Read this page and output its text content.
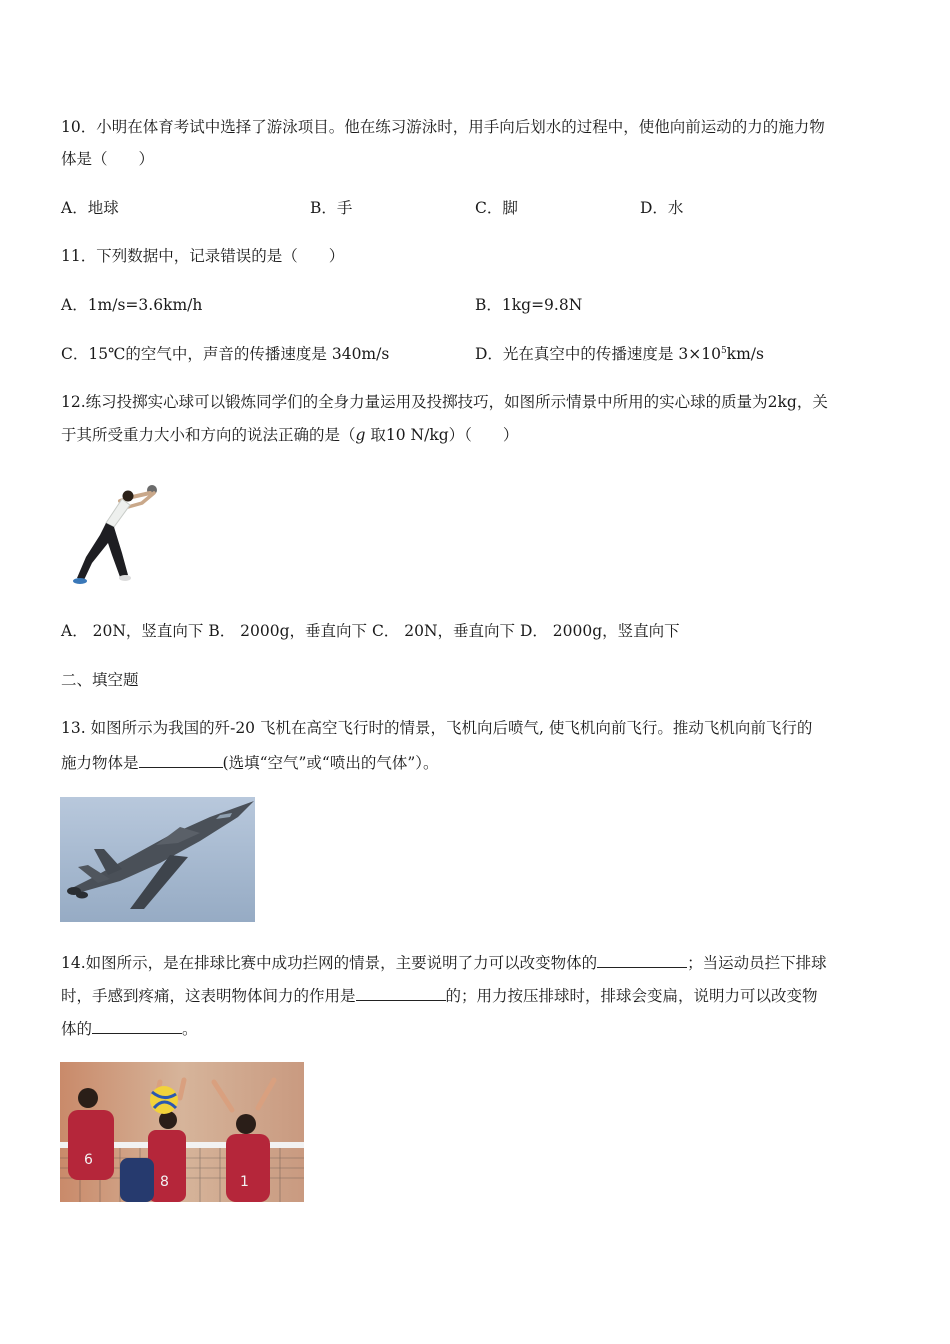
10．小明在体育考试中选择了游泳项目。他在练习游泳时，用手向后划水的过程中，使他向前运动的力的施力物
体是（　　）
A．地球	B．手	C．脚	D．水
11．下列数据中，记录错误的是（　　）
A．1m/s=3.6km/h	B．1kg=9.8N
C．15℃的空气中，声音的传播速度是 340m/s	D．光在真空中的传播速度是 $3\times 10^5km/s$
12.练习投掷实心球可以锻炼同学们的全身力量运用及投掷技巧，如图所示情景中所用的实心球的质量为2kg，关
于其所受重力大小和方向的说法正确的是（g 取10 N/kg）（　　）
A． 20N，竖直向下 B． 2000g，垂直向下 C． 20N，垂直向下 D． 2000g，竖直向下
二、填空题
13. 如图所示为我国的歼-20 飞机在高空飞行时的情景，飞机向后喷气, 使飞机向前飞行。推动飞机向前飞行的
施力物体是	(选填“空气”或“喷出的气体”）。
14.如图所示，是在排球比赛中成功拦网的情景，主要说明了力可以改变物体的	；当运动员拦下排球
时，手感到疼痛，这表明物体间力的作用是	的；用力按压排球时，排球会变扁，说明力可以改变物
体的	。
6
8	1
